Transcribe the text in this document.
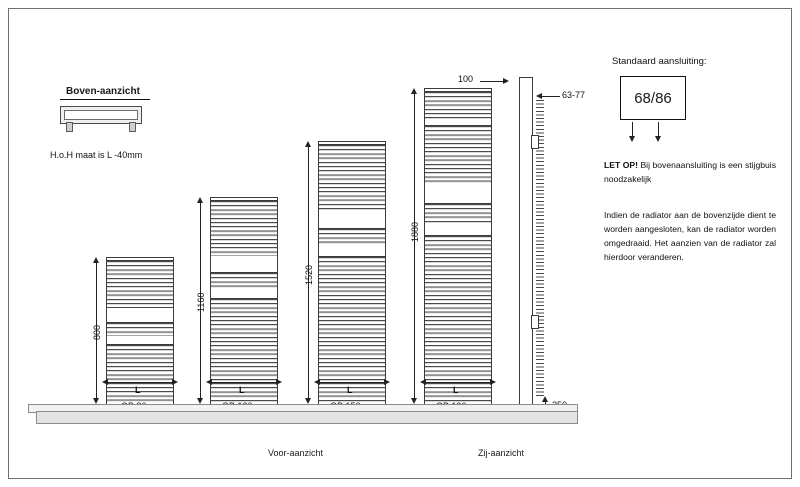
Boven-aanzicht
H.o.H maat is L -40mm
800
L
1160
L
1520
L
1880
L
100
63-77
Voor-aanzicht	Zij-aanzicht
Standaard aansluiting:
68/86
LET OP! Bij bovenaansluiting is een stijgbuis noodzakelijk
Indien de radiator aan de bovenzijde dient te worden aangesloten, kan de radiator worden omgedraaid. Het aanzien van de radiator zal hierdoor veranderen.
